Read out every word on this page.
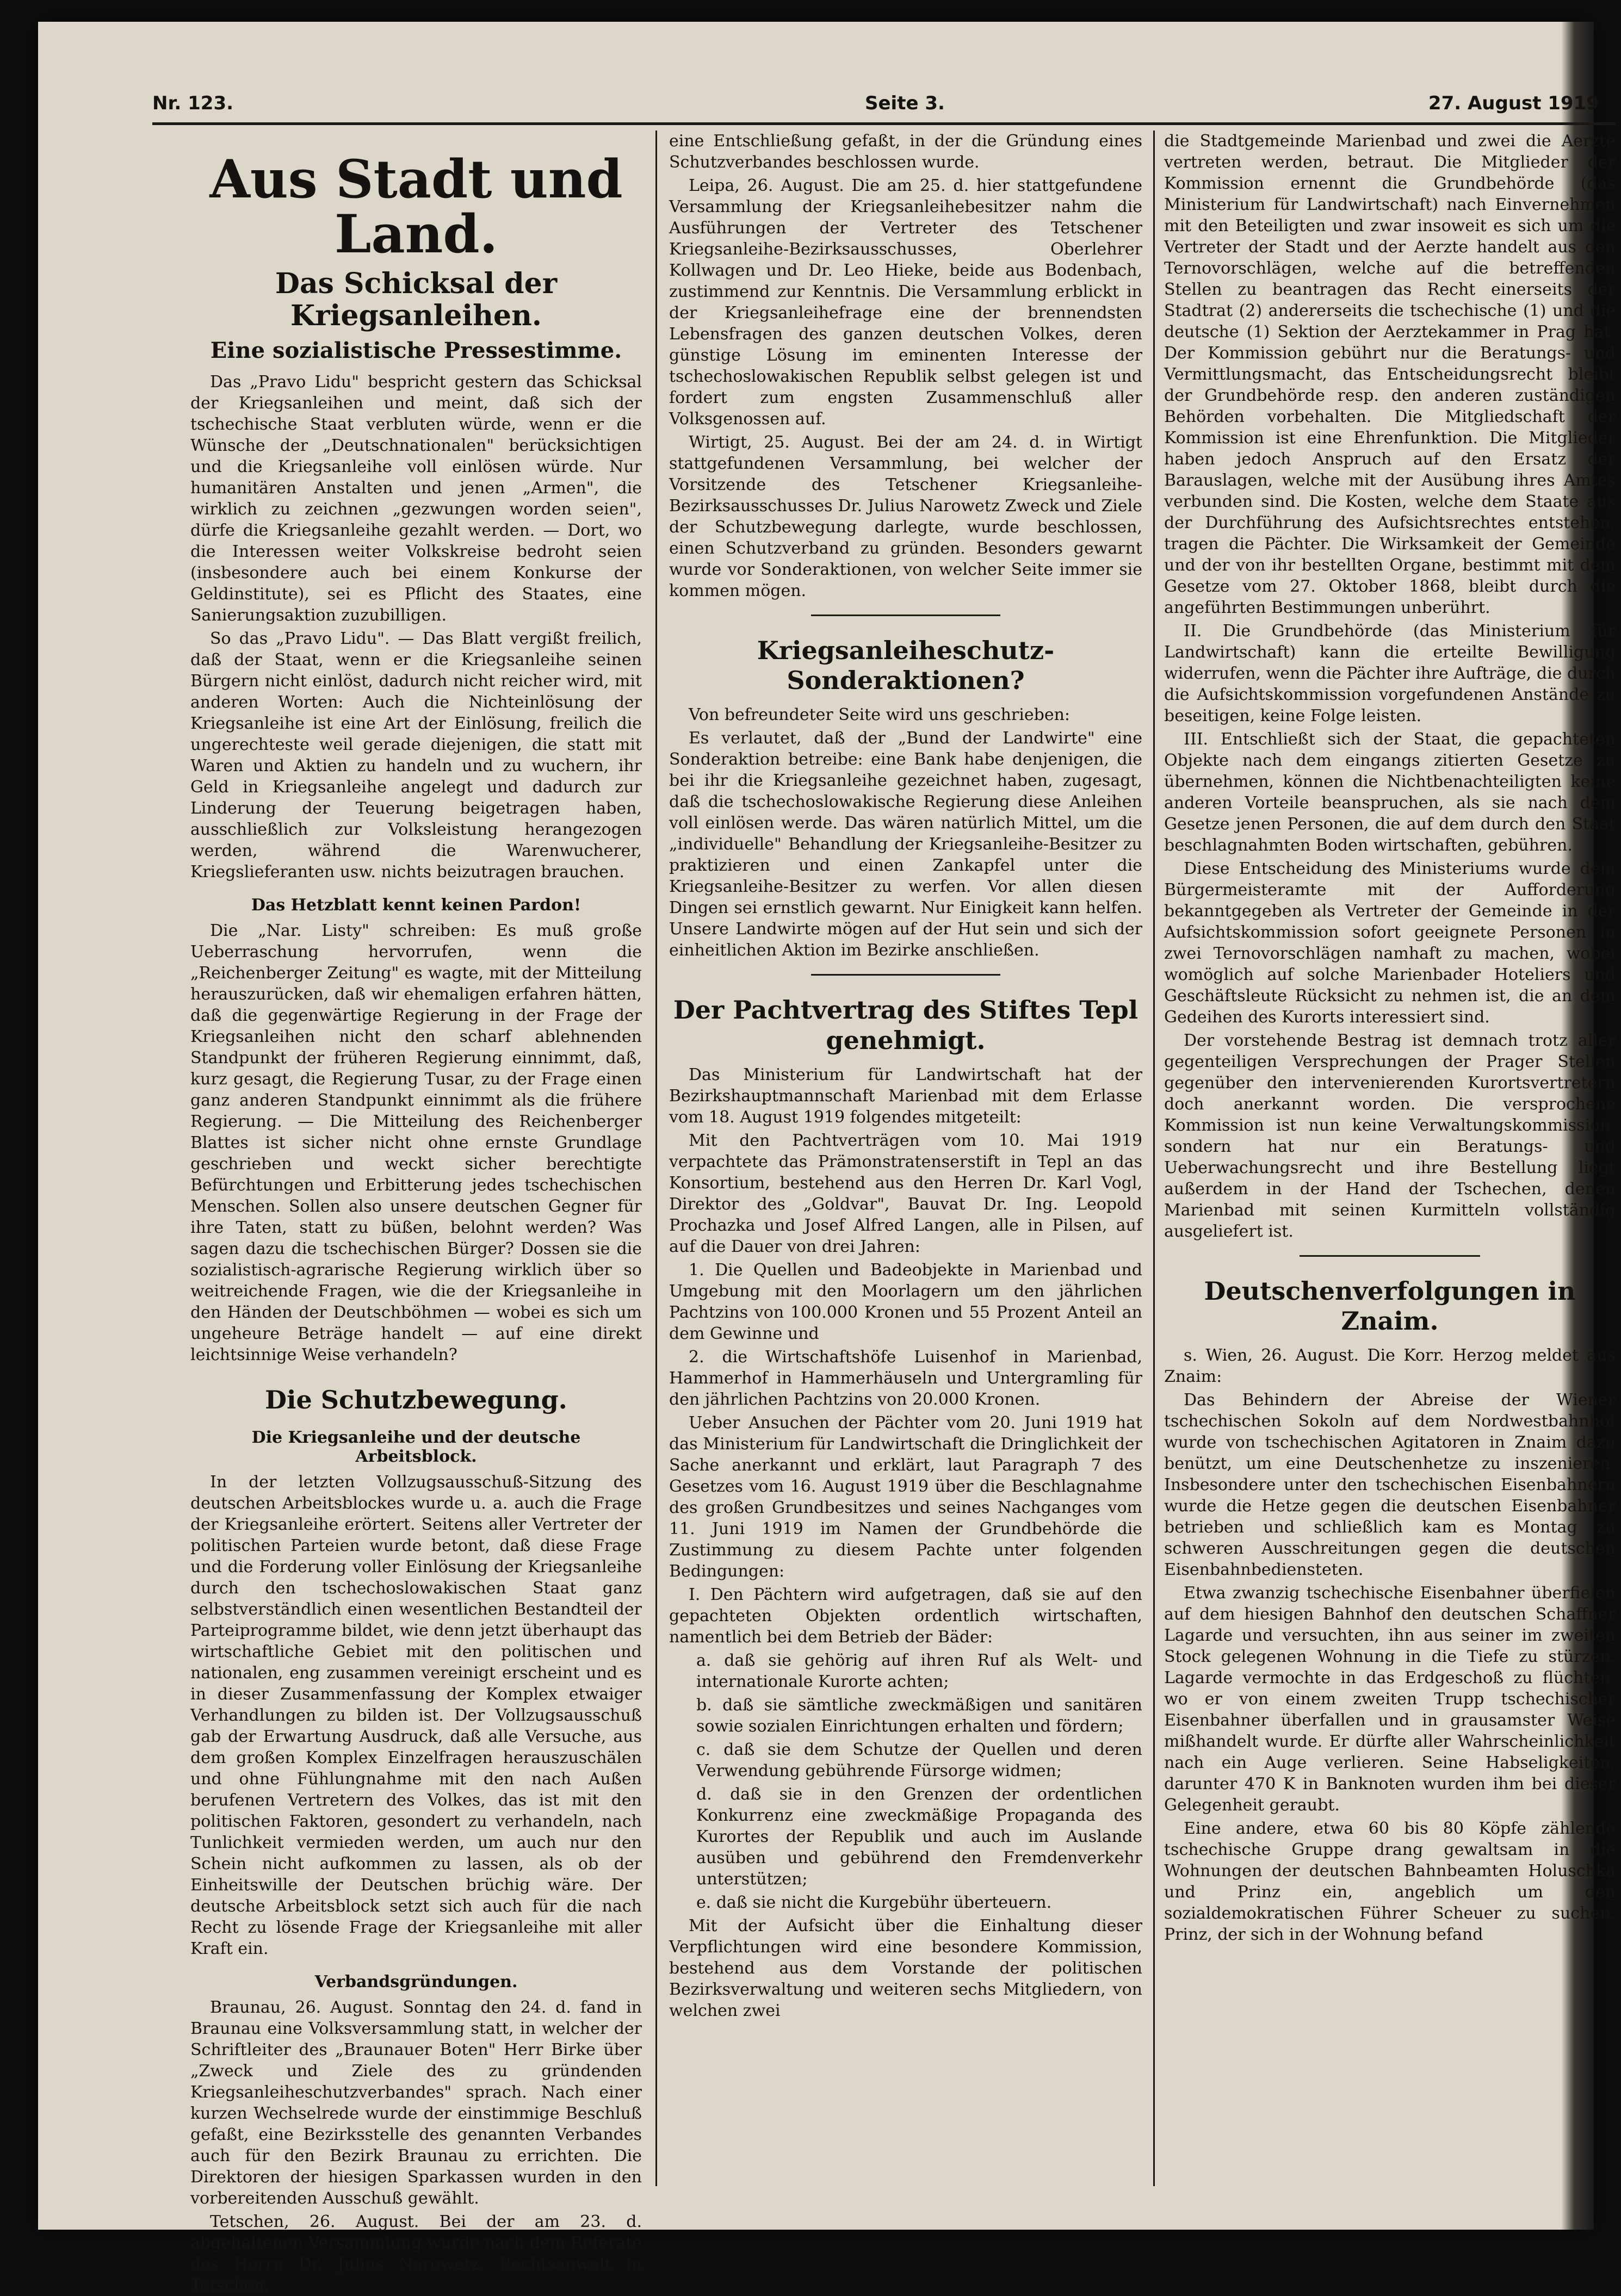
Nr. 123.	Seite 3.	27. August 1919
Aus Stadt und Land.
Das Schicksal der Kriegsanleihen.
Eine sozialistische Pressestimme.

Das „Pravo Lidu" bespricht gestern das Schicksal der Kriegsanleihen und meint, daß sich der tschechische Staat verbluten würde, wenn er die Wünsche der „Deutschnationalen" berücksichtigen und die Kriegsanleihe voll einlösen würde. Nur humanitären Anstalten und jenen „Armen", die wirklich zu zeichnen „gezwungen worden seien", dürfe die Kriegsanleihe gezahlt werden. — Dort, wo die Interessen weiter Volkskreise bedroht seien (insbesondere auch bei einem Konkurse der Geldinstitute), sei es Pflicht des Staates, eine Sanierungsaktion zuzubilligen.

So das „Pravo Lidu". — Das Blatt vergißt freilich, daß der Staat, wenn er die Kriegsanleihe seinen Bürgern nicht einlöst, dadurch nicht reicher wird, mit anderen Worten: Auch die Nichteinlösung der Kriegsanleihe ist eine Art der Einlösung, freilich die ungerechteste weil gerade diejenigen, die statt mit Waren und Aktien zu handeln und zu wuchern, ihr Geld in Kriegsanleihe angelegt und dadurch zur Linderung der Teuerung beigetragen haben, ausschließlich zur Volksleistung herangezogen werden, während die Warenwucherer, Kriegslieferanten usw. nichts beizutragen brauchen.

Das Hetzblatt kennt keinen Pardon!

Die „Nar. Listy" schreiben: Es muß große Ueberraschung hervorrufen, wenn die „Reichenberger Zeitung" es wagte, mit der Mitteilung herauszurücken, daß wir ehemaligen erfahren hätten, daß die gegenwärtige Regierung in der Frage der Kriegsanleihen nicht den scharf ablehnenden Standpunkt der früheren Regierung einnimmt, daß, kurz gesagt, die Regierung Tusar, zu der Frage einen ganz anderen Standpunkt einnimmt als die frühere Regierung. — Die Mitteilung des Reichenberger Blattes ist sicher nicht ohne ernste Grundlage geschrieben und weckt sicher berechtigte Befürchtungen und Erbitterung jedes tschechischen Menschen. Sollen also unsere deutschen Gegner für ihre Taten, statt zu büßen, belohnt werden? Was sagen dazu die tschechischen Bürger? Dossen sie die sozialistisch-agrarische Regierung wirklich über so weitreichende Fragen, wie die der Kriegsanleihe in den Händen der Deutschböhmen — wobei es sich um ungeheure Beträge handelt — auf eine direkt leichtsinnige Weise verhandeln?

Die Schutzbewegung.
Die Kriegsanleihe und der deutsche Arbeitsblock.

In der letzten Vollzugsausschuß-Sitzung des deutschen Arbeitsblockes wurde u. a. auch die Frage der Kriegsanleihe erörtert. Seitens aller Vertreter der politischen Parteien wurde betont, daß diese Frage und die Forderung voller Einlösung der Kriegsanleihe durch den tschechoslowakischen Staat ganz selbstverständlich einen wesentlichen Bestandteil der Parteiprogramme bildet, wie denn jetzt überhaupt das wirtschaftliche Gebiet mit den politischen und nationalen, eng zusammen vereinigt erscheint und es in dieser Zusammenfassung der Komplex etwaiger Verhandlungen zu bilden ist. Der Vollzugsausschuß gab der Erwartung Ausdruck, daß alle Versuche, aus dem großen Komplex Einzelfragen herauszuschälen und ohne Fühlungnahme mit den nach Außen berufenen Vertretern des Volkes, das ist mit den politischen Faktoren, gesondert zu verhandeln, nach Tunlichkeit vermieden werden, um auch nur den Schein nicht aufkommen zu lassen, als ob der Einheitswille der Deutschen brüchig wäre. Der deutsche Arbeitsblock setzt sich auch für die nach Recht zu lösende Frage der Kriegsanleihe mit aller Kraft ein.

Verbandsgründungen.

Braunau, 26. August. Sonntag den 24. d. fand in Braunau eine Volksversammlung statt, in welcher der Schriftleiter des „Braunauer Boten" Herr Birke über „Zweck und Ziele des zu gründenden Kriegsanleiheschutzverbandes" sprach. Nach einer kurzen Wechselrede wurde der einstimmige Beschluß gefaßt, eine Bezirksstelle des genannten Verbandes auch für den Bezirk Braunau zu errichten. Die Direktoren der hiesigen Sparkassen wurden in den vorbereitenden Ausschuß gewählt.

Tetschen, 26. August. Bei der am 23. d. abgehaltenen Versammlung wurde nach dem Referate des Herrn Dr. Julius Narowetz, Rechtsanwalt in Tetschen,

eine Entschließung gefaßt, in der die Gründung eines Schutzverbandes beschlossen wurde.

Leipa, 26. August. Die am 25. d. hier stattgefundene Versammlung der Kriegsanleihebesitzer nahm die Ausführungen der Vertreter des Tetschener Kriegsanleihe-Bezirksausschusses, Oberlehrer Kollwagen und Dr. Leo Hieke, beide aus Bodenbach, zustimmend zur Kenntnis. Die Versammlung erblickt in der Kriegsanleihefrage eine der brennendsten Lebensfragen des ganzen deutschen Volkes, deren günstige Lösung im eminenten Interesse der tschechoslowakischen Republik selbst gelegen ist und fordert zum engsten Zusammenschluß aller Volksgenossen auf.

Wirtigt, 25. August. Bei der am 24. d. in Wirtigt stattgefundenen Versammlung, bei welcher der Vorsitzende des Tetschener Kriegsanleihe-Bezirksausschusses Dr. Julius Narowetz Zweck und Ziele der Schutzbewegung darlegte, wurde beschlossen, einen Schutzverband zu gründen. Besonders gewarnt wurde vor Sonderaktionen, von welcher Seite immer sie kommen mögen.

Kriegsanleiheschutz-Sonderaktionen?

Von befreundeter Seite wird uns geschrieben:

Es verlautet, daß der „Bund der Landwirte" eine Sonderaktion betreibe: eine Bank habe denjenigen, die bei ihr die Kriegsanleihe gezeichnet haben, zugesagt, daß die tschechoslowakische Regierung diese Anleihen voll einlösen werde. Das wären natürlich Mittel, um die „individuelle" Behandlung der Kriegsanleihe-Besitzer zu praktizieren und einen Zankapfel unter die Kriegsanleihe-Besitzer zu werfen. Vor allen diesen Dingen sei ernstlich gewarnt. Nur Einigkeit kann helfen. Unsere Landwirte mögen auf der Hut sein und sich der einheitlichen Aktion im Bezirke anschließen.

Der Pachtvertrag des Stiftes Tepl genehmigt.

Das Ministerium für Landwirtschaft hat der Bezirkshauptmannschaft Marienbad mit dem Erlasse vom 18. August 1919 folgendes mitgeteilt:

Mit den Pachtverträgen vom 10. Mai 1919 verpachtete das Prämonstratenserstift in Tepl an das Konsortium, bestehend aus den Herren Dr. Karl Vogl, Direktor des „Goldvar", Bauvat Dr. Ing. Leopold Prochazka und Josef Alfred Langen, alle in Pilsen, auf auf die Dauer von drei Jahren:

1. Die Quellen und Badeobjekte in Marienbad und Umgebung mit den Moorlagern um den jährlichen Pachtzins von 100.000 Kronen und 55 Prozent Anteil an dem Gewinne und

2. die Wirtschaftshöfe Luisenhof in Marienbad, Hammerhof in Hammerhäuseln und Untergramling für den jährlichen Pachtzins von 20.000 Kronen.

Ueber Ansuchen der Pächter vom 20. Juni 1919 hat das Ministerium für Landwirtschaft die Dringlichkeit der Sache anerkannt und erklärt, laut Paragraph 7 des Gesetzes vom 16. August 1919 über die Beschlagnahme des großen Grundbesitzes und seines Nachganges vom 11. Juni 1919 im Namen der Grundbehörde die Zustimmung zu diesem Pachte unter folgenden Bedingungen:

I. Den Pächtern wird aufgetragen, daß sie auf den gepachteten Objekten ordentlich wirtschaften, namentlich bei dem Betrieb der Bäder:

a. daß sie gehörig auf ihren Ruf als Welt- und internationale Kurorte achten;

b. daß sie sämtliche zweckmäßigen und sanitären sowie sozialen Einrichtungen erhalten und fördern;

c. daß sie dem Schutze der Quellen und deren Verwendung gebührende Fürsorge widmen;

d. daß sie in den Grenzen der ordentlichen Konkurrenz eine zweckmäßige Propaganda des Kurortes der Republik und auch im Auslande ausüben und gebührend den Fremdenverkehr unterstützen;

e. daß sie nicht die Kurgebühr überteuern.

Mit der Aufsicht über die Einhaltung dieser Verpflichtungen wird eine besondere Kommission, bestehend aus dem Vorstande der politischen Bezirksverwaltung und weiteren sechs Mitgliedern, von welchen zwei

die Stadtgemeinde Marienbad und zwei die Aerzte vertreten werden, betraut. Die Mitglieder der Kommission ernennt die Grundbehörde (das Ministerium für Landwirtschaft) nach Einvernehmen mit den Beteiligten und zwar insoweit es sich um die Vertreter der Stadt und der Aerzte handelt aus den Ternovorschlägen, welche auf die betreffenden Stellen zu beantragen das Recht einerseits der Stadtrat (2) andererseits die tschechische (1) und die deutsche (1) Sektion der Aerztekammer in Prag hat. Der Kommission gebührt nur die Beratungs- und Vermittlungsmacht, das Entscheidungsrecht bleibt der Grundbehörde resp. den anderen zuständigen Behörden vorbehalten. Die Mitgliedschaft der Kommission ist eine Ehrenfunktion. Die Mitglieder haben jedoch Anspruch auf den Ersatz der Barauslagen, welche mit der Ausübung ihres Amtes verbunden sind. Die Kosten, welche dem Staate aus der Durchführung des Aufsichtsrechtes entstehen, tragen die Pächter. Die Wirksamkeit der Gemeinde und der von ihr bestellten Organe, bestimmt mit dem Gesetze vom 27. Oktober 1868, bleibt durch die angeführten Bestimmungen unberührt.

II. Die Grundbehörde (das Ministerium für Landwirtschaft) kann die erteilte Bewilligung widerrufen, wenn die Pächter ihre Aufträge, die durch die Aufsichtskommission vorgefundenen Anstände zu beseitigen, keine Folge leisten.

III. Entschließt sich der Staat, die gepachteten Objekte nach dem eingangs zitierten Gesetze zu übernehmen, können die Nichtbenachteiligten keine anderen Vorteile beanspruchen, als sie nach dem Gesetze jenen Personen, die auf dem durch den Staat beschlagnahmten Boden wirtschaften, gebühren.

Diese Entscheidung des Ministeriums wurde dem Bürgermeisteramte mit der Aufforderung bekanntgegeben als Vertreter der Gemeinde in der Aufsichtskommission sofort geeignete Personen in zwei Ternovorschlägen namhaft zu machen, wobei womöglich auf solche Marienbader Hoteliers und Geschäftsleute Rücksicht zu nehmen ist, die an dem Gedeihen des Kurorts interessiert sind.

Der vorstehende Bestrag ist demnach trotz aller gegenteiligen Versprechungen der Prager Stellen gegenüber den intervenierenden Kurortsvertretern doch anerkannt worden. Die versprochene Kommission ist nun keine Verwaltungskommission, sondern hat nur ein Beratungs- und Ueberwachungsrecht und ihre Bestellung liegt außerdem in der Hand der Tschechen, denen Marienbad mit seinen Kurmitteln vollständig ausgeliefert ist.

Deutschenverfolgungen in Znaim.

s. Wien, 26. August. Die Korr. Herzog meldet aus Znaim:

Das Behindern der Abreise der Wiener tschechischen Sokoln auf dem Nordwestbahnhof wurde von tschechischen Agitatoren in Znaim dazu benützt, um eine Deutschenhetze zu inszenieren. Insbesondere unter den tschechischen Eisenbahnern wurde die Hetze gegen die deutschen Eisenbahner betrieben und schließlich kam es Montag zu schweren Ausschreitungen gegen die deutschen Eisenbahnbediensteten.

Etwa zwanzig tschechische Eisenbahner überfielen auf dem hiesigen Bahnhof den deutschen Schaffner Lagarde und versuchten, ihn aus seiner im zweiten Stock gelegenen Wohnung in die Tiefe zu stürzen. Lagarde vermochte in das Erdgeschoß zu flüchten, wo er von einem zweiten Trupp tschechischer Eisenbahner überfallen und in grausamster Weise mißhandelt wurde. Er dürfte aller Wahrscheinlichkeit nach ein Auge verlieren. Seine Habseligkeiten, darunter 470 K in Banknoten wurden ihm bei dieser Gelegenheit geraubt.

Eine andere, etwa 60 bis 80 Köpfe zählende tschechische Gruppe drang gewaltsam in die Wohnungen der deutschen Bahnbeamten Holuschka und Prinz ein, angeblich um den sozialdemokratischen Führer Scheuer zu suchen. Prinz, der sich in der Wohnung befand
